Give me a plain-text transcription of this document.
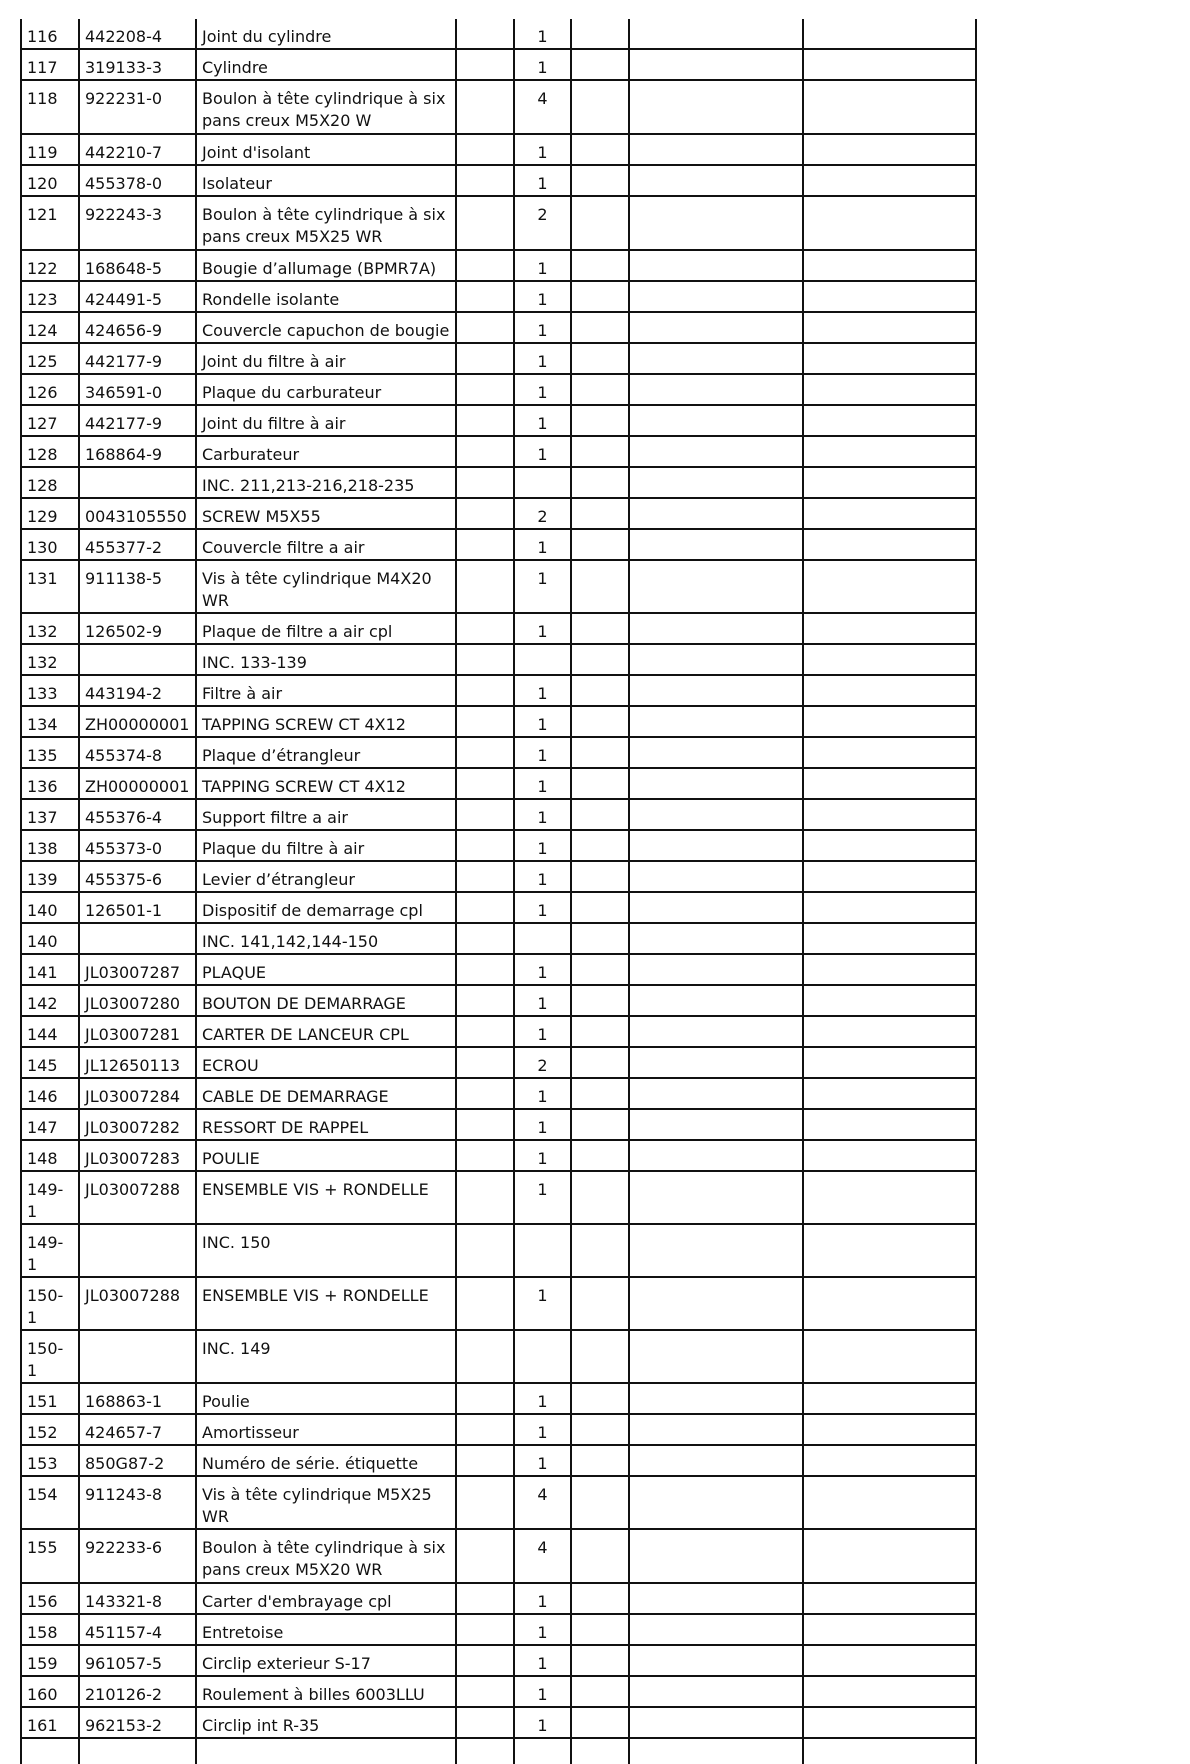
116	442208-4	Joint du cylindre		1			
117	319133-3	Cylindre		1			
118	922231-0	Boulon à tête cylindrique à six pans creux M5X20 W		4			
119	442210-7	Joint d'isolant		1			
120	455378-0	Isolateur		1			
121	922243-3	Boulon à tête cylindrique à six pans creux M5X25 WR		2			
122	168648-5	Bougie d’allumage (BPMR7A)		1			
123	424491-5	Rondelle isolante		1			
124	424656-9	Couvercle capuchon de bougie		1			
125	442177-9	Joint du filtre à air		1			
126	346591-0	Plaque du carburateur		1			
127	442177-9	Joint du filtre à air		1			
128	168864-9	Carburateur		1			
128		INC. 211,213-216,218-235					
129	0043105550	SCREW M5X55		2			
130	455377-2	Couvercle filtre a air		1			
131	911138-5	Vis à tête cylindrique M4X20 WR		1			
132	126502-9	Plaque de filtre a air cpl		1			
132		INC. 133-139					
133	443194-2	Filtre à air		1			
134	ZH00000001	TAPPING SCREW CT 4X12		1			
135	455374-8	Plaque d’étrangleur		1			
136	ZH00000001	TAPPING SCREW CT 4X12		1			
137	455376-4	Support filtre a air		1			
138	455373-0	Plaque du filtre à air		1			
139	455375-6	Levier d’étrangleur		1			
140	126501-1	Dispositif de demarrage cpl		1			
140		INC. 141,142,144-150					
141	JL03007287	PLAQUE		1			
142	JL03007280	BOUTON DE DEMARRAGE		1			
144	JL03007281	CARTER DE LANCEUR CPL		1			
145	JL12650113	ECROU		2			
146	JL03007284	CABLE DE DEMARRAGE		1			
147	JL03007282	RESSORT DE RAPPEL		1			
148	JL03007283	POULIE		1			
149-1	JL03007288	ENSEMBLE VIS + RONDELLE		1			
149-1		INC. 150					
150-1	JL03007288	ENSEMBLE VIS + RONDELLE		1			
150-1		INC. 149					
151	168863-1	Poulie		1			
152	424657-7	Amortisseur		1			
153	850G87-2	Numéro de série. étiquette		1			
154	911243-8	Vis à tête cylindrique M5X25 WR		4			
155	922233-6	Boulon à tête cylindrique à six pans creux M5X20 WR		4			
156	143321-8	Carter d'embrayage cpl		1			
158	451157-4	Entretoise		1			
159	961057-5	Circlip exterieur S-17		1			
160	210126-2	Roulement à billes 6003LLU		1			
161	962153-2	Circlip int R-35		1			
